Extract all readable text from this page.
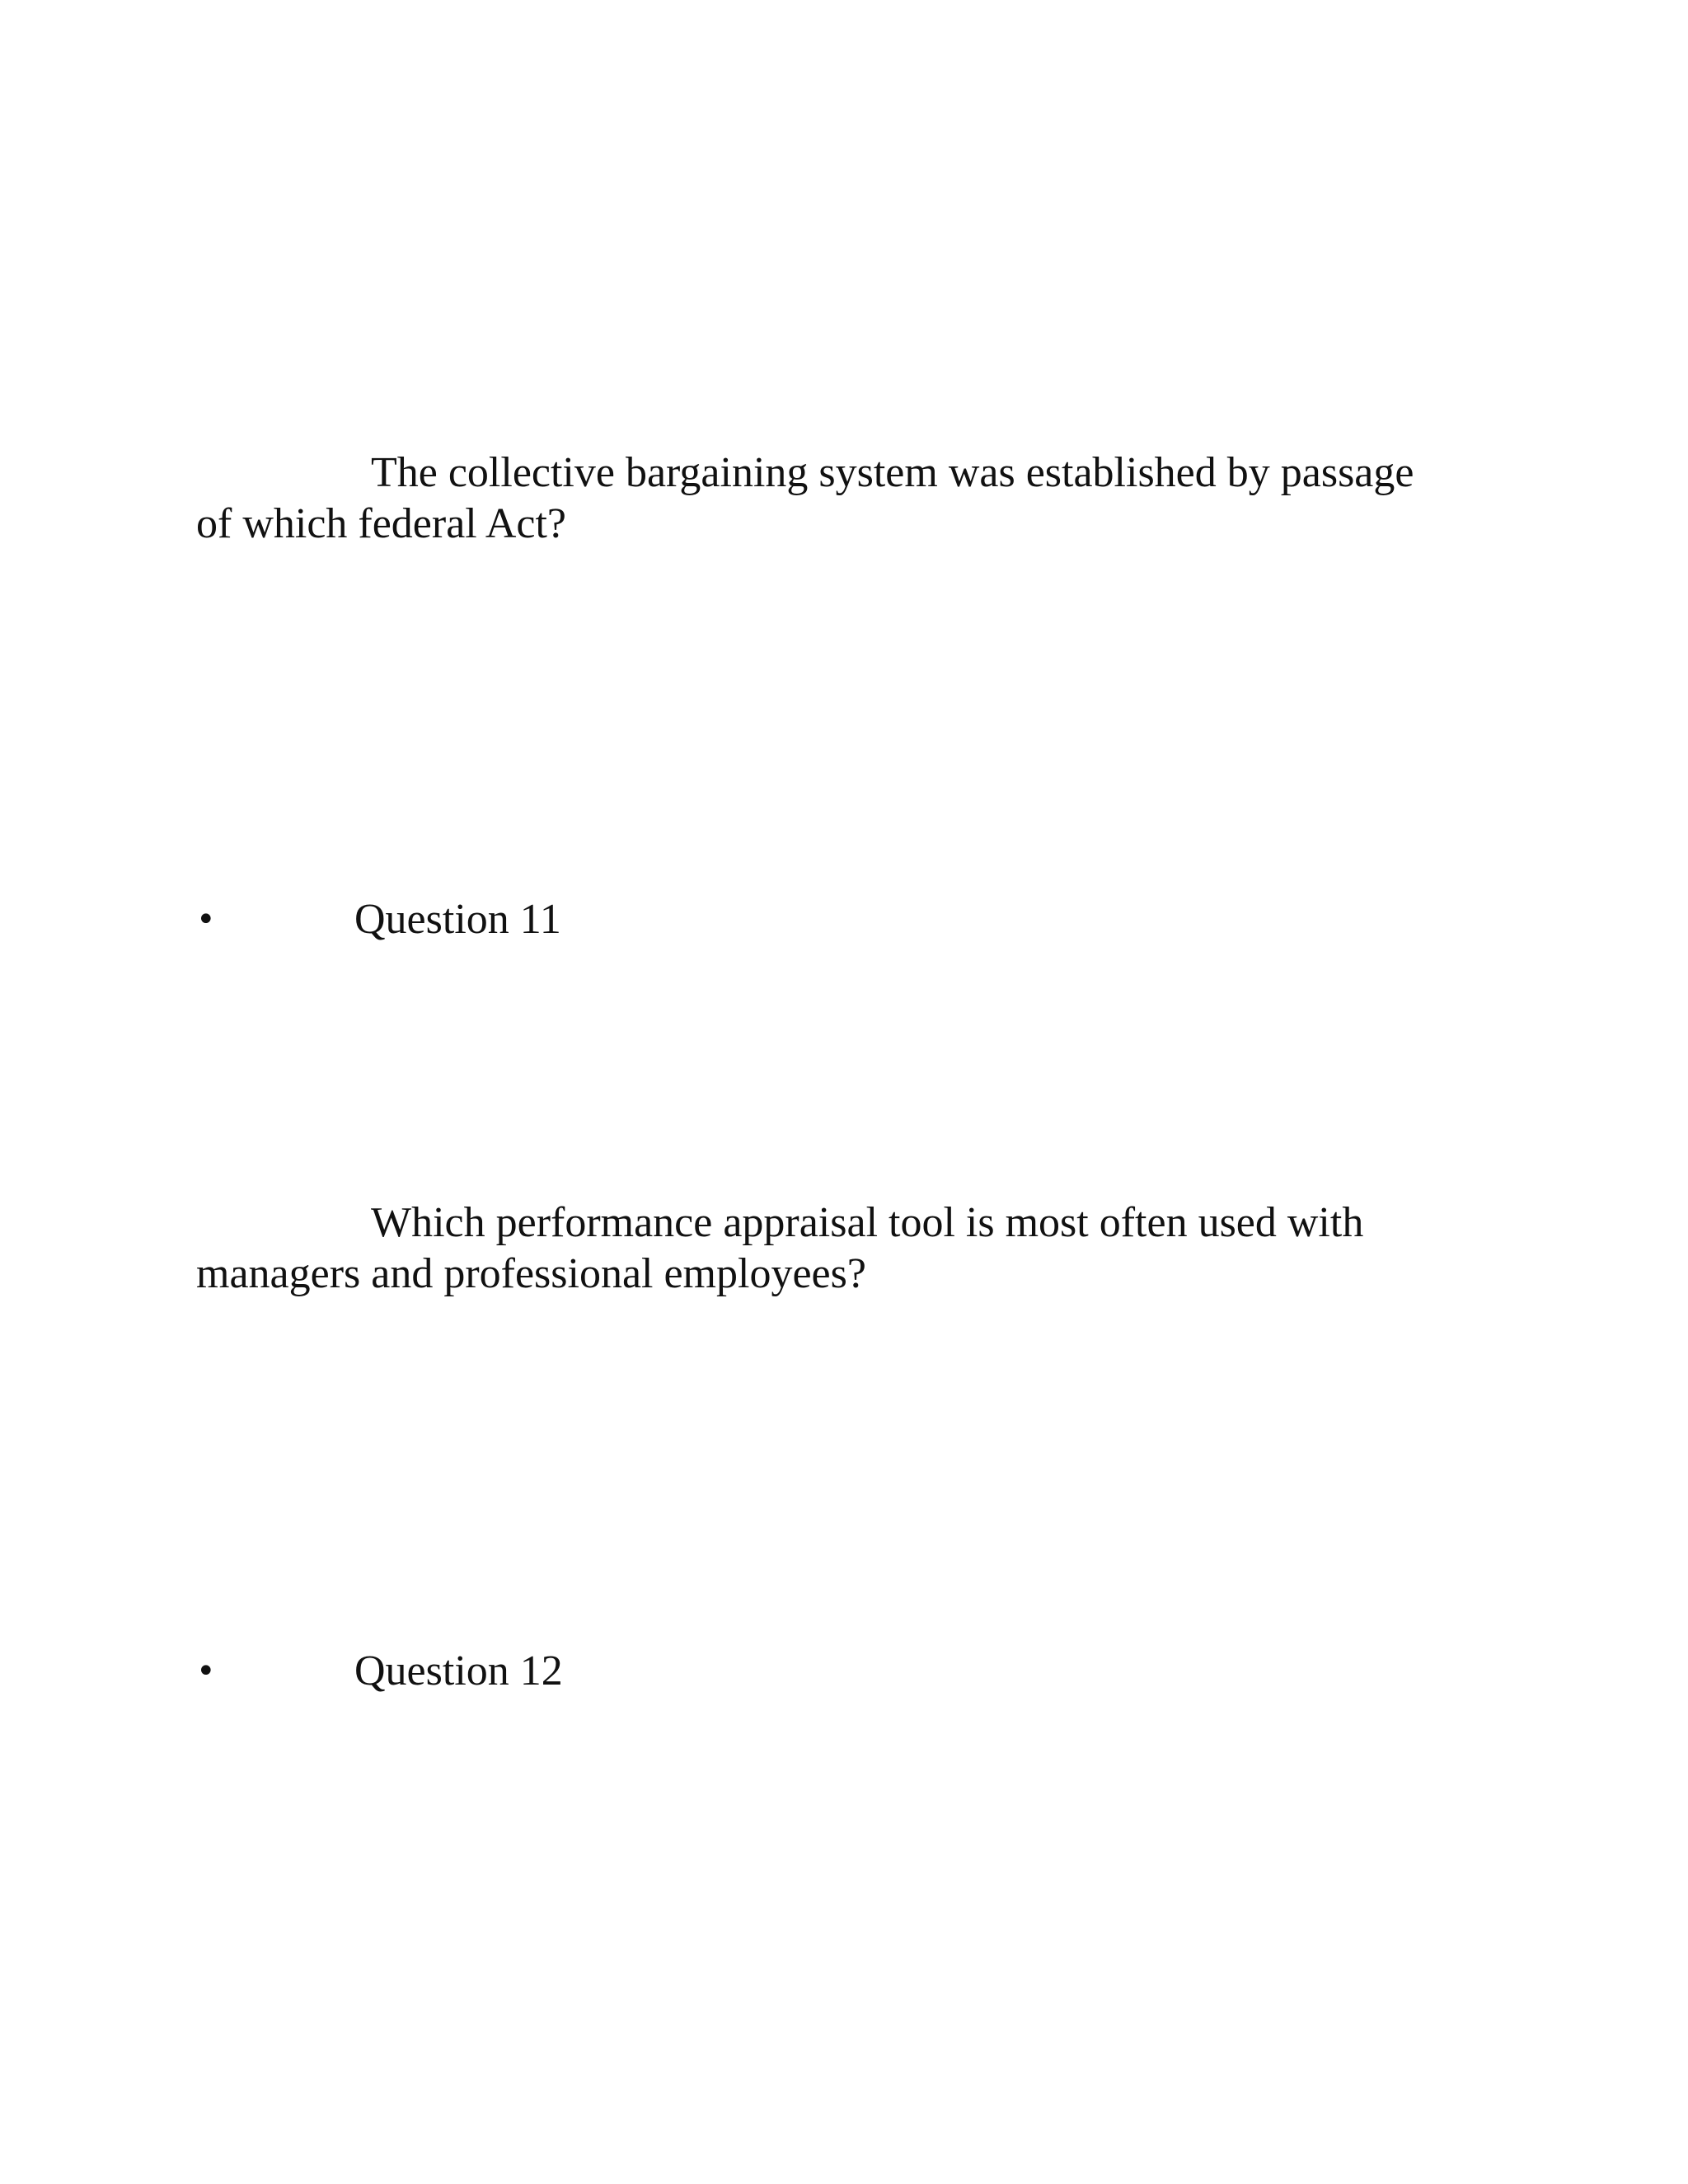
The collective bargaining system was established by passage
of which federal Act?
•	Question 11
Which performance appraisal tool is most often used with
managers and professional employees?
•	Question 12
